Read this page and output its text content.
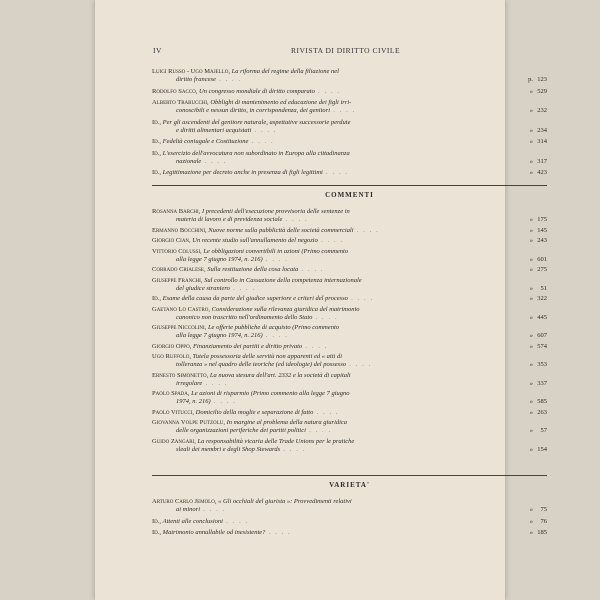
IV	RIVISTA DI DIRITTO CIVILE
Luigi Russo - Ugo Majello, La riforma del regime della filiazione nel
diritto francese . . . .	p. 123
Rodolfo Sacco, Un congresso mondiale di diritto comparato . . . .	» 529
Alberto Trabucchi, Obblighi di mantenimento ed educazione dei figli irri-
conoscibili e nessun diritto, in corrispondenza, dei genitori . . . .	» 232
Id., Per gli ascendenti del genitore naturale, aspettative successorie perdute
e diritti alimentari acquistati . . . .	» 234
Id., Fedeltà coniugale e Costituzione . . . .	» 314
Id., L'esercizio dell'avvocatura non subordinato in Europa alla cittadinanza
nazionale . . . .	» 317
Id., Legittimazione per decreto anche in presenza di figli legittimi . . . .	» 423
COMMENTI
Rosanna Barchi, I precedenti dell'esecuzione provvisoria delle sentenze in
materia di lavoro e di previdenza sociale . . . .	» 175
Ermanno Bocchini, Nuove norme sulla pubblicità delle società commerciali . . . .	» 145
Giorgio Cian, Un recente studio sull'annullamento del negozio . . . .	» 243
Vittorio Colussi, Le obbligazioni convertibili in azioni (Primo commento
alla legge 7 giugno 1974, n. 216) . . . .	» 601
Corrado Crialese, Sulla restituzione della cosa locata . . . .	» 275
Giuseppe Franchi, Sul controllo in Cassazione della competenza internazionale
del giudice straniero . . . .	»	51
Id., Esame della causa da parte del giudice superiore e criteri del processo . . . .	» 322
Gaetano Lo Castro, Considerazione sulla rilevanza giuridica del matrimonio
canonico non trascritto nell'ordinamento dello Stato . . . .	» 445
Giuseppe Niccolini, Le offerte pubbliche di acquisto (Primo commento
alla legge 7 giugno 1974, n. 216) . . . .	» 607
Giorgio Oppo, Finanziamento dei partiti e diritto privato . . . .	» 574
Ugo Ruffolo, Tutela possessoria delle servitù non apparenti ed « atti di
tolleranza » nel quadro delle teoriche (ed ideologie) del possesso . . . .	» 353
Ernesto Simonetto, La nuova stesura dell'art. 2332 e la società di capitali
irregolare . . . .	» 337
Paolo Spada, Le azioni di risparmio (Primo commento alla legge 7 giugno
1974, n. 216) . . . .	» 585
Paolo Vitucci, Domicilio della moglie e separazione di fatto . . . .	» 263
Giovanna Volpe Putzolu, In margine al problema della natura giuridica
delle organizzazioni periferiche dei partiti politici . . . .	»	57
Guido Zangari, La responsabilità vicaria delle Trade Unions per le pratiche
sleali dei membri e degli Shop Stewards . . . .	» 154
VARIETA'
Arturo Carlo Jemolo, « Gli occhiali del giurista »: Provvedimenti relativi
ai minori . . . .	»	75
Id., Attenti alle conclusioni . . . .	»	76
Id., Matrimonio annullabile od inesistente? . . . .	» 185
